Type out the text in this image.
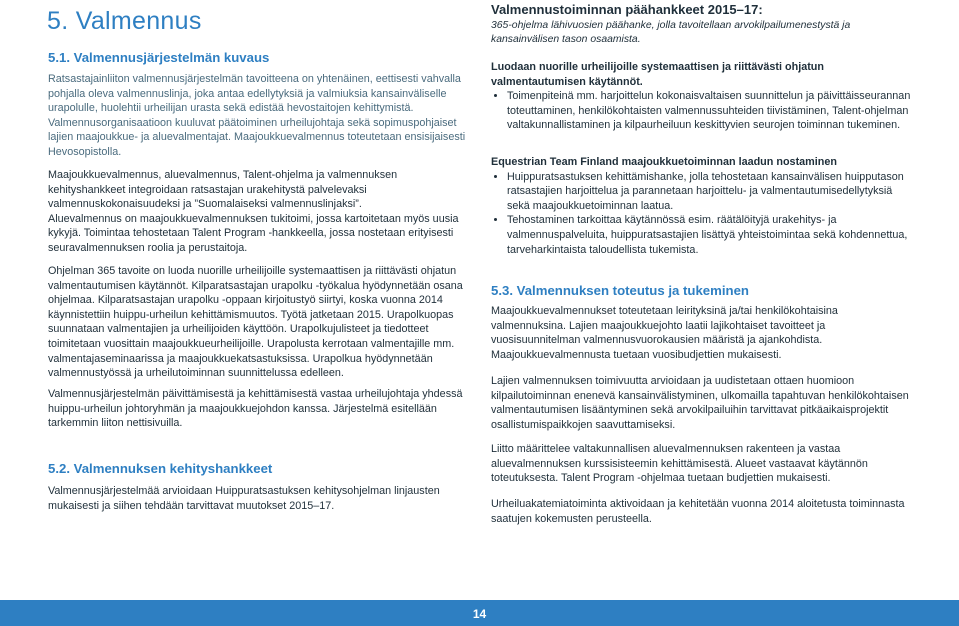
5. Valmennus
5.1. Valmennusjärjestelmän kuvaus

Ratsastajainliiton valmennusjärjestelmän tavoitteena on yhtenäinen, eettisesti vahvalla pohjalla oleva valmennuslinja, joka antaa edellytyksiä ja valmiuksia kansainväliselle urapolulle, huolehtii urheilijan urasta sekä edistää hevostaitojen kehittymistä.

Valmennusorganisaatioon kuuluvat päätoiminen urheilujohtaja sekä sopimuspohjaiset lajien maajoukkue- ja aluevalmentajat. Maajoukkuevalmennus toteutetaan ensisijaisesti Hevosopistolla.

Maajoukkuevalmennus, aluevalmennus, Talent-ohjelma ja valmennuksen kehityshankkeet integroidaan ratsastajan urakehitystä palvelevaksi valmennuskokonaisuudeksi ja ”Suomalaiseksi valmennuslinjaksi”.

Aluevalmennus on maajoukkuevalmennuksen tukitoimi, jossa kartoitetaan myös uusia kykyjä. Toimintaa tehostetaan Talent Program -hankkeella, jossa nostetaan erityisesti seuravalmennuksen roolia ja perustaitoja.

Ohjelman 365 tavoite on luoda nuorille urheilijoille systemaattisen ja riittävästi ohjatun valmentautumisen käytännöt. Kilparatsastajan urapolku -työkalua hyödynnetään osana ohjelmaa. Kilparatsastajan urapolku -oppaan kirjoitustyö siirtyi, koska vuonna 2014 käynnistettiin huippu-urheilun kehittämismuutos. Työtä jatketaan 2015. Urapolkuopas suunnataan valmentajien ja urheilijoiden käyttöön. Urapolkujulisteet ja tiedotteet toimitetaan vuosittain maajoukkueurheilijoille. Urapolusta kerrotaan valmentajille mm. valmentajaseminaarissa ja maajoukkuekatsastuksissa. Urapolkua hyödynnetään valmennustyössä ja urheilutoiminnan suunnittelussa edelleen.

Valmennusjärjestelmän päivittämisestä ja kehittämisestä vastaa urheilujohtaja yhdessä huippu-urheilun johtoryhmän ja maajoukkuejohdon kanssa. Järjestelmä esitellään tarkemmin liiton nettisivuilla.

5.2. Valmennuksen kehityshankkeet

Valmennusjärjestelmää arvioidaan Huippuratsastuksen kehitysohjelman linjausten mukaisesti ja siihen tehdään tarvittavat muutokset 2015–17.

Valmennustoiminnan päähankkeet 2015–17:
365-ohjelma lähivuosien päähanke, jolla tavoitellaan arvokilpailumenestystä ja kansainvälisen tason osaamista.
Luodaan nuorille urheilijoille systemaattisen ja riittävästi ohjatun valmentautumisen käytännöt.
• Toimenpiteinä mm. harjoittelun kokonaisvaltaisen suunnittelun ja päivittäisseurannan toteuttaminen, henkilökohtaisten valmennussuhteiden tiivistäminen, Talent-ohjelman valtakunnallistaminen ja kilpaurheiluun keskittyvien seurojen toiminnan tukeminen.
Equestrian Team Finland maajoukkuetoiminnan laadun nostaminen
• Huippuratsastuksen kehittämishanke, jolla tehostetaan kansainvälisen huipputason ratsastajien harjoittelua ja parannetaan harjoittelu- ja valmentautumisedellytyksiä sekä maajoukkuetoiminnan laatua.
• Tehostaminen tarkoittaa käytännössä esim. räätälöityjä urakehitys- ja valmennuspalveluita, huippuratsastajien lisättyä yhteistoimintaa sekä kohdennettua, tarveharkintaista taloudellista tukemista.
5.3. Valmennuksen toteutus ja tukeminen
Maajoukkuevalmennukset toteutetaan leirityksinä ja/tai henkilökohtaisina valmennuksina. Lajien maajoukkuejohto laatii lajikohtaiset tavoitteet ja vuosisuunnitelman valmennusvuorokausien määristä ja ajankohdista. Maajoukkuevalmennusta tuetaan vuosibudjettien mukaisesti.
Lajien valmennuksen toimivuutta arvioidaan ja uudistetaan ottaen huomioon kilpailutoiminnan enenevä kansainvälistyminen, ulkomailla tapahtuvan henkilökohtaisen valmentautumisen lisääntyminen sekä arvokilpailuihin tarvittavat pitkäaikaisprojektit osallistumispaikkojen saavuttamiseksi.
Liitto määrittelee valtakunnallisen aluevalmennuksen rakenteen ja vastaa aluevalmennuksen kurssisisteemin kehittämisestä. Alueet vastaavat käytännön toteutuksesta. Talent Program -ohjelmaa tuetaan budjettien mukaisesti.
Urheiluakatemiatoiminta aktivoidaan ja kehitetään vuonna 2014 aloitetusta toiminnasta saatujen kokemusten perusteella.
14
